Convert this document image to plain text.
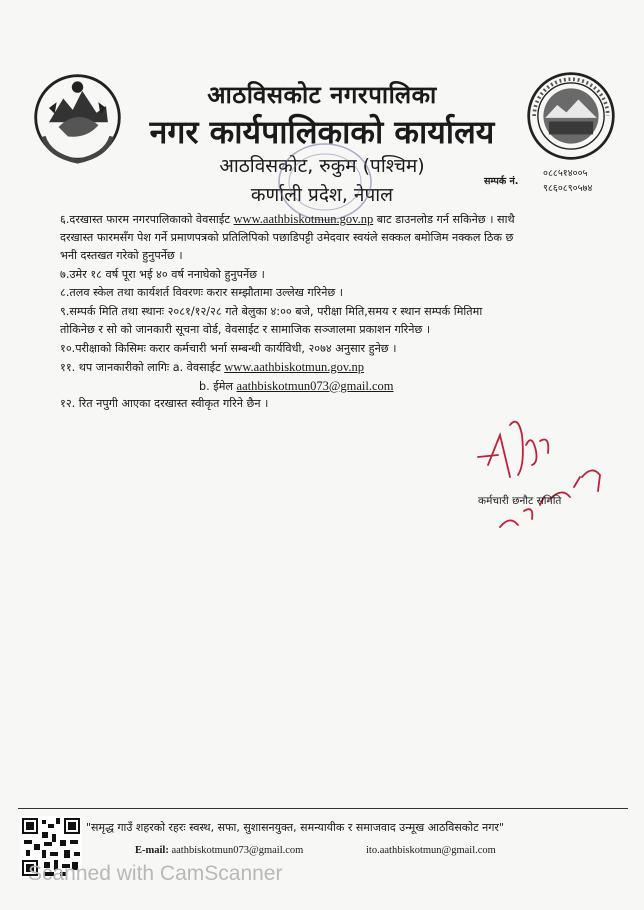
आठविसकोट नगरपालिका
नगर कार्यपालिकाको कार्यालय
आठविसकोट, रुकुम (पश्चिम)
कर्णाली प्रदेश, नेपाल
सम्पर्क नं.
०८८५१४००५
९८६०८९०५७४
६.दरखास्त फारम नगरपालिकाको वेवसाईट www.aathbiskotmun.gov.np बाट डाउनलोड गर्न सकिनेछ । साथै
दरखास्त फारमसँग पेश गर्ने प्रमाणपत्रको प्रतिलिपिको पछाडिपट्टी उमेदवार स्वयंले सक्कल बमोजिम नक्कल ठिक छ
भनी दस्तखत गरेको हुनुपर्नेछ ।
७.उमेर १८ वर्ष पूरा भई ४० वर्ष ननाघेको हुनुपर्नेछ ।
८.तलव स्केल तथा कार्यशर्त विवरणः करार सम्झौतामा उल्लेख गरिनेछ ।
९.सम्पर्क मिति तथा स्थानः २०८१/१२/२८ गते बेलुका ४:०० बजे, परीक्षा मिति,समय र स्थान सम्पर्क मितिमा
तोकिनेछ र सो को जानकारी सूचना वोर्ड, वेवसाईट र सामाजिक सञ्जालमा प्रकाशन गरिनेछ ।
१०.परीक्षाको किसिमः करार कर्मचारी भर्ना सम्बन्धी कार्यविधी, २०७४ अनुसार हुनेछ ।
११. थप जानकारीको लागिः a. वेवसाईट www.aathbiskotmun.gov.np
b. ईमेल aathbiskotmun073@gmail.com
१२. रित नपुगी आएका दरखास्त स्वीकृत गरिने छैन ।
कर्मचारी छनौट समिति
"समृद्ध गाउँ शहरको रहरः स्वस्थ, सफा, सुशासनयुक्त, समन्यायीक र समाजवाद उन्मूख आठविसकोट नगर"
E-mail: aathbiskotmun073@gmail.com	ito.aathbiskotmun@gmail.com
Scanned with CamScanner
